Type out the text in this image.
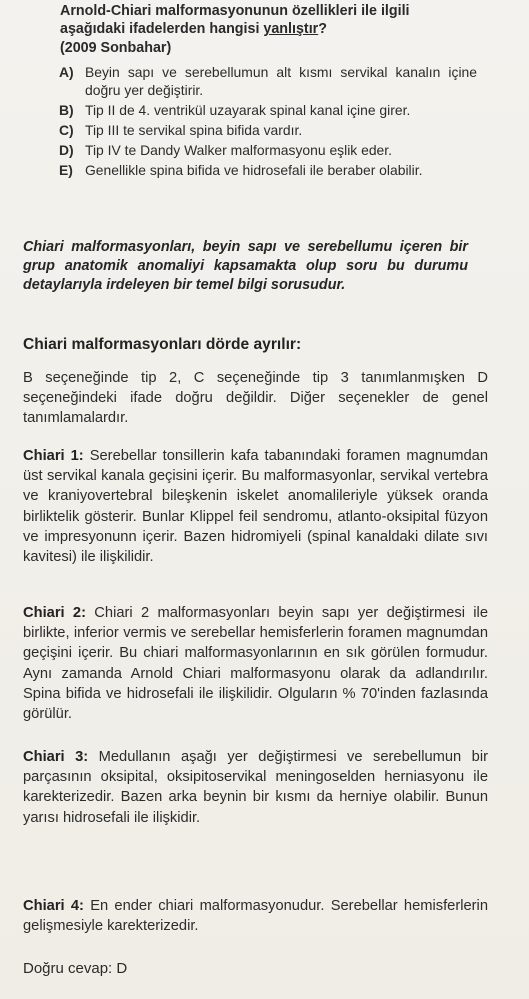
Arnold-Chiari malformasyonunun özellikleri ile ilgili aşağıdaki ifadelerden hangisi yanlıştır?
(2009 Sonbahar)
A) Beyin sapı ve serebellumun alt kısmı servikal kanalın içine doğru yer değiştirir.
B) Tip II de 4. ventrikül uzayarak spinal kanal içine girer.
C) Tip III te servikal spina bifida vardır.
D) Tip IV te Dandy Walker malformasyonu eşlik eder.
E) Genellikle spina bifida ve hidrosefali ile beraber olabilir.
Chiari malformasyonları, beyin sapı ve serebellumu içeren bir grup anatomik anomaliyi kapsamakta olup soru bu durumu detaylarıyla irdeleyen bir temel bilgi sorusudur.
Chiari malformasyonları dörde ayrılır:
B seçeneğinde tip 2, C seçeneğinde tip 3 tanımlanmışken D seçeneğindeki ifade doğru değildir. Diğer seçenekler de genel tanımlamalardır.
Chiari 1: Serebellar tonsillerin kafa tabanındaki foramen magnumdan üst servikal kanala geçisini içerir. Bu malformasyonlar, servikal vertebra ve kraniyovertebral bileşkenin iskelet anomalileriyle yüksek oranda birliktelik gösterir. Bunlar Klippel feil sendromu, atlanto-oksipital füzyon ve impresyonunn içerir. Bazen hidromiyeli (spinal kanaldaki dilate sıvı kavitesi) ile ilişkilidir.
Chiari 2: Chiari 2 malformasyonları beyin sapı yer değiştirmesi ile birlikte, inferior vermis ve serebellar hemisferlerin foramen magnumdan geçişini içerir. Bu chiari malformasyonlarının en sık görülen formudur. Aynı zamanda Arnold Chiari malformasyonu olarak da adlandırılır. Spina bifida ve hidrosefali ile ilişkilidir. Olguların % 70'inden fazlasında görülür.
Chiari 3: Medullanın aşağı yer değiştirmesi ve serebellumun bir parçasının oksipital, oksipitoservikal meningoselden herniasyonu ile karekterizedir. Bazen arka beynin bir kısmı da herniye olabilir. Bunun yarısı hidrosefali ile ilişkidir.
Chiari 4: En ender chiari malformasyonudur. Serebellar hemisferlerin gelişmesiyle karekterizedir.
Doğru cevap: D
